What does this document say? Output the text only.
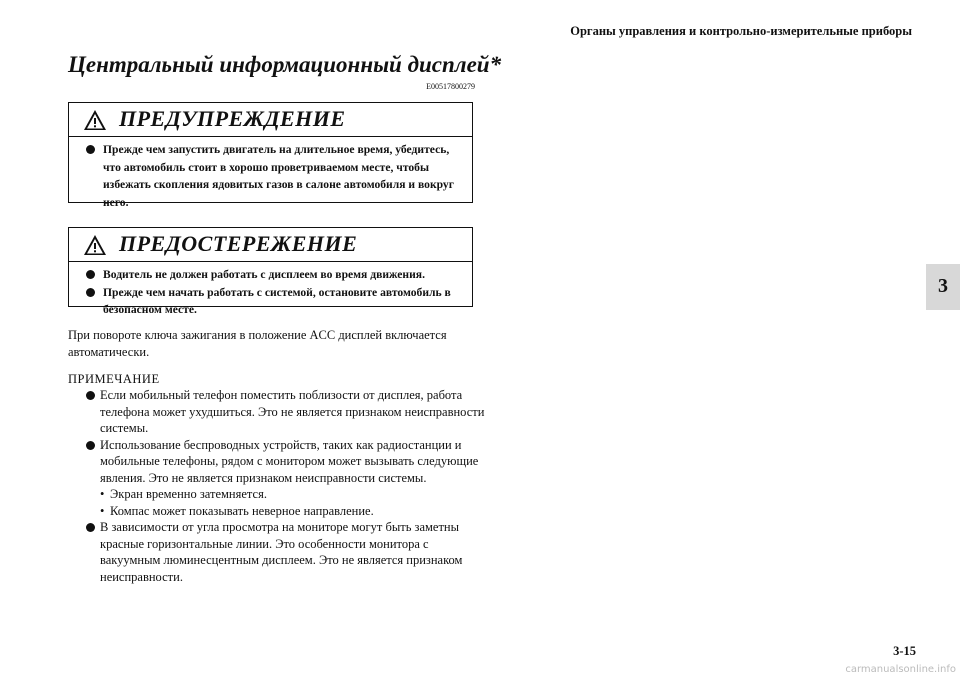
Органы управления и контрольно-измерительные приборы
Центральный информационный дисплей*
E00517800279
ПРЕДУПРЕЖДЕНИЕ
Прежде чем запустить двигатель на длительное время, убедитесь, что автомобиль стоит в хорошо проветриваемом месте, чтобы избежать скопления ядовитых газов в салоне автомобиля и вокруг него.
ПРЕДОСТЕРЕЖЕНИЕ
Водитель не должен работать с дисплеем во время движения.
Прежде чем начать работать с системой, остановите автомобиль в безопасном месте.
При повороте ключа зажигания в положение ACC дисплей включается автоматически.
ПРИМЕЧАНИЕ
Если мобильный телефон поместить поблизости от дисплея, работа телефона может ухудшиться. Это не является признаком неисправности системы.
Использование беспроводных устройств, таких как радиостанции и мобильные телефоны, рядом с монитором может вызывать следующие явления. Это не является признаком неисправности системы.
• Экран временно затемняется.
• Компас может показывать неверное направление.
В зависимости от угла просмотра на мониторе могут быть заметны красные горизонтальные линии. Это особенности монитора с вакуумным люминесцентным дисплеем. Это не является признаком неисправности.
3
3-15
carmanualsonline.info
